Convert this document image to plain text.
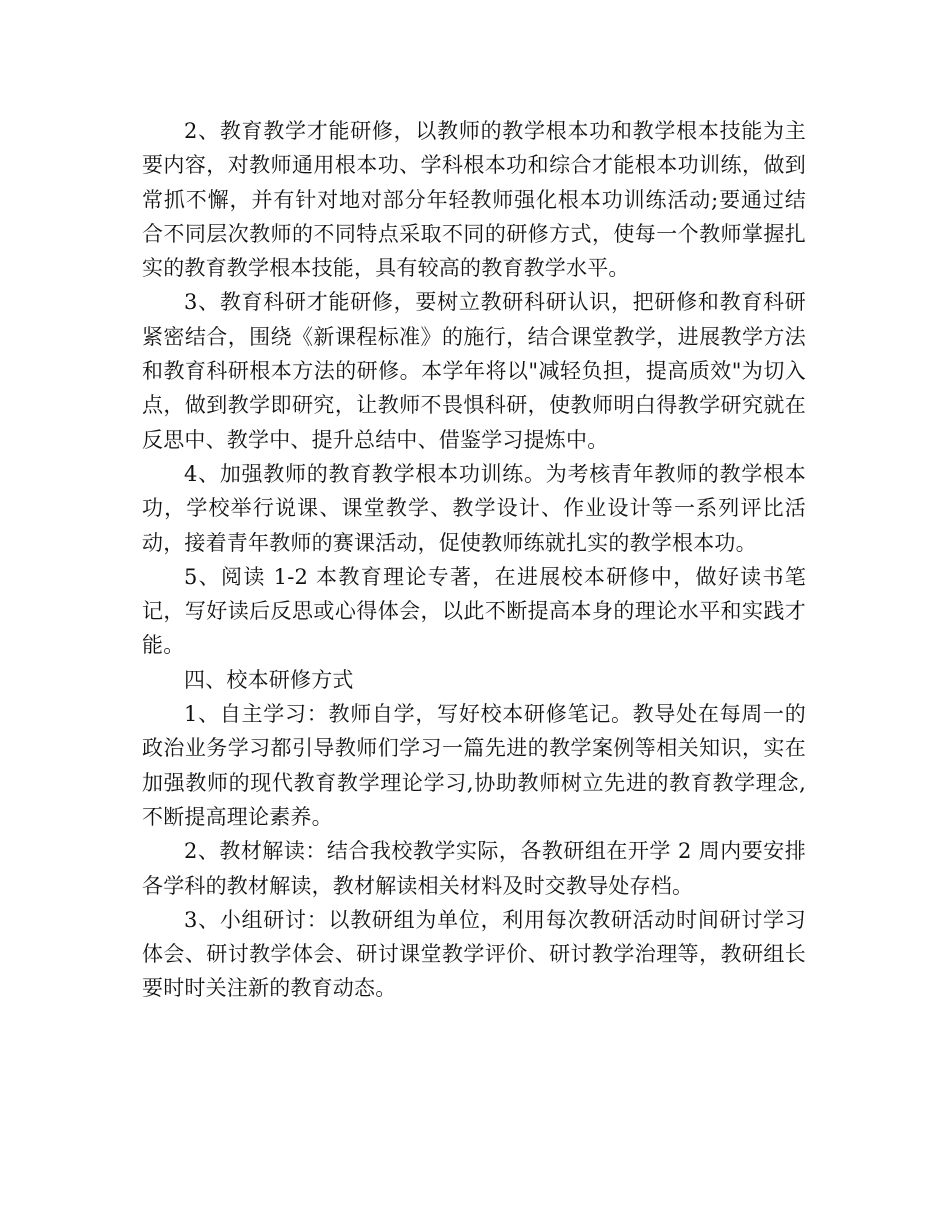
2、教育教学才能研修，以教师的教学根本功和教学根本技能为主要内容，对教师通用根本功、学科根本功和综合才能根本功训练，做到常抓不懈，并有针对地对部分年轻教师强化根本功训练活动;要通过结合不同层次教师的不同特点采取不同的研修方式，使每一个教师掌握扎实的教育教学根本技能，具有较高的教育教学水平。

3、教育科研才能研修，要树立教研科研认识，把研修和教育科研紧密结合，围绕《新课程标准》的施行，结合课堂教学，进展教学方法和教育科研根本方法的研修。本学年将以"减轻负担，提高质效"为切入点，做到教学即研究，让教师不畏惧科研，使教师明白得教学研究就在反思中、教学中、提升总结中、借鉴学习提炼中。

4、加强教师的教育教学根本功训练。为考核青年教师的教学根本功，学校举行说课、课堂教学、教学设计、作业设计等一系列评比活动，接着青年教师的赛课活动，促使教师练就扎实的教学根本功。

5、阅读 1-2 本教育理论专著，在进展校本研修中，做好读书笔记，写好读后反思或心得体会，以此不断提高本身的理论水平和实践才能。

四、校本研修方式

1、自主学习：教师自学，写好校本研修笔记。教导处在每周一的政治业务学习都引导教师们学习一篇先进的教学案例等相关知识，实在加强教师的现代教育教学理论学习,协助教师树立先进的教育教学理念,不断提高理论素养。

2、教材解读：结合我校教学实际，各教研组在开学 2 周内要安排各学科的教材解读，教材解读相关材料及时交教导处存档。

3、小组研讨：以教研组为单位，利用每次教研活动时间研讨学习体会、研讨教学体会、研讨课堂教学评价、研讨教学治理等，教研组长要时时关注新的教育动态。
